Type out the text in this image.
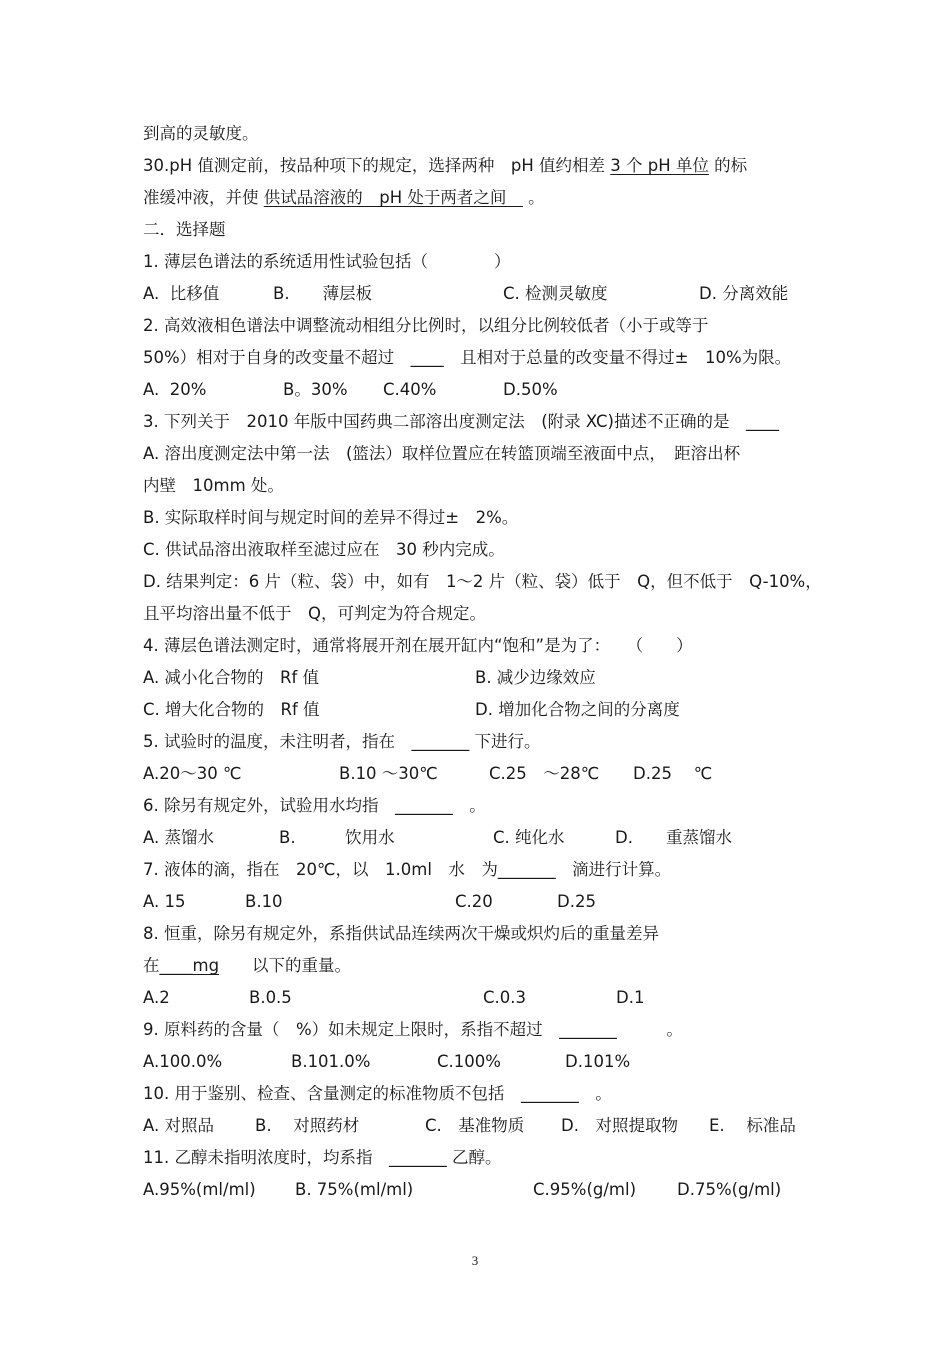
到高的灵敏度。
30.pH 值测定前，按品种项下的规定，选择两种　pH 值约相差 3 个 pH 单位 的标
准缓冲液，并使 供试品溶液的　pH 处于两者之间　 。
二．选择题
1. 薄层色谱法的系统适用性试验包括（　　　　）
A.  比移值	B.　　薄层板	C. 检测灵敏度	D. 分离效能
2. 高效液相色谱法中调整流动相组分比例时，以组分比例较低者（小于或等于
50%）相对于自身的改变量不超过　____　且相对于总量的改变量不得过±　10%为限。
A.  20%	B。30% C.40%	D.50%
3. 下列关于　2010 年版中国药典二部溶出度测定法　(附录 XC)描述不正确的是　____
A. 溶出度测定法中第一法　(篮法）取样位置应在转篮顶端至液面中点，　距溶出杯
内壁　10mm 处。
B. 实际取样时间与规定时间的差异不得过±　2%。
C. 供试品溶出液取样至滤过应在　30 秒内完成。
D. 结果判定：6 片（粒、袋）中，如有　1～2 片（粒、袋）低于　Q，但不低于　Q-10%，
且平均溶出量不低于　Q，可判定为符合规定。
4. 薄层色谱法测定时，通常将展开剂在展开缸内“饱和”是为了：　　（　　）
A. 减小化合物的　Rf 值	B. 减少边缘效应
C. 增大化合物的　Rf 值	D. 增加化合物之间的分离度
5. 试验时的温度，未注明者，指在　_______ 下进行。
A.20～30 ℃	B.10 ～30℃	C.25　～28℃ D.25　 ℃
6. 除另有规定外，试验用水均指　_______　。
A. 蒸馏水	B.　　　饮用水	C. 纯化水	D.　　重蒸馏水
7. 液体的滴，指在　20℃，以　1.0ml　水　为_______　滴进行计算。
A. 15	B.10	C.20	D.25
8. 恒重，除另有规定外，系指供试品连续两次干燥或炽灼后的重量差异
在____mg　　以下的重量。
A.2	B.0.5	C.0.3	D.1
9. 原料药的含量（　%）如未规定上限时，系指不超过　_______　　　。
A.100.0%	B.101.0%	C.100%	D.101%
10. 用于鉴别、检查、含量测定的标准物质不包括　_______　。
A. 对照品 B.　 对照药材	C.　基准物质 D.　对照提取物 E.　 标准品
11. 乙醇未指明浓度时，均系指　_______ 乙醇。
A.95%(ml/ml) B. 75%(ml/ml)	C.95%(g/ml) D.75%(g/ml)
3
